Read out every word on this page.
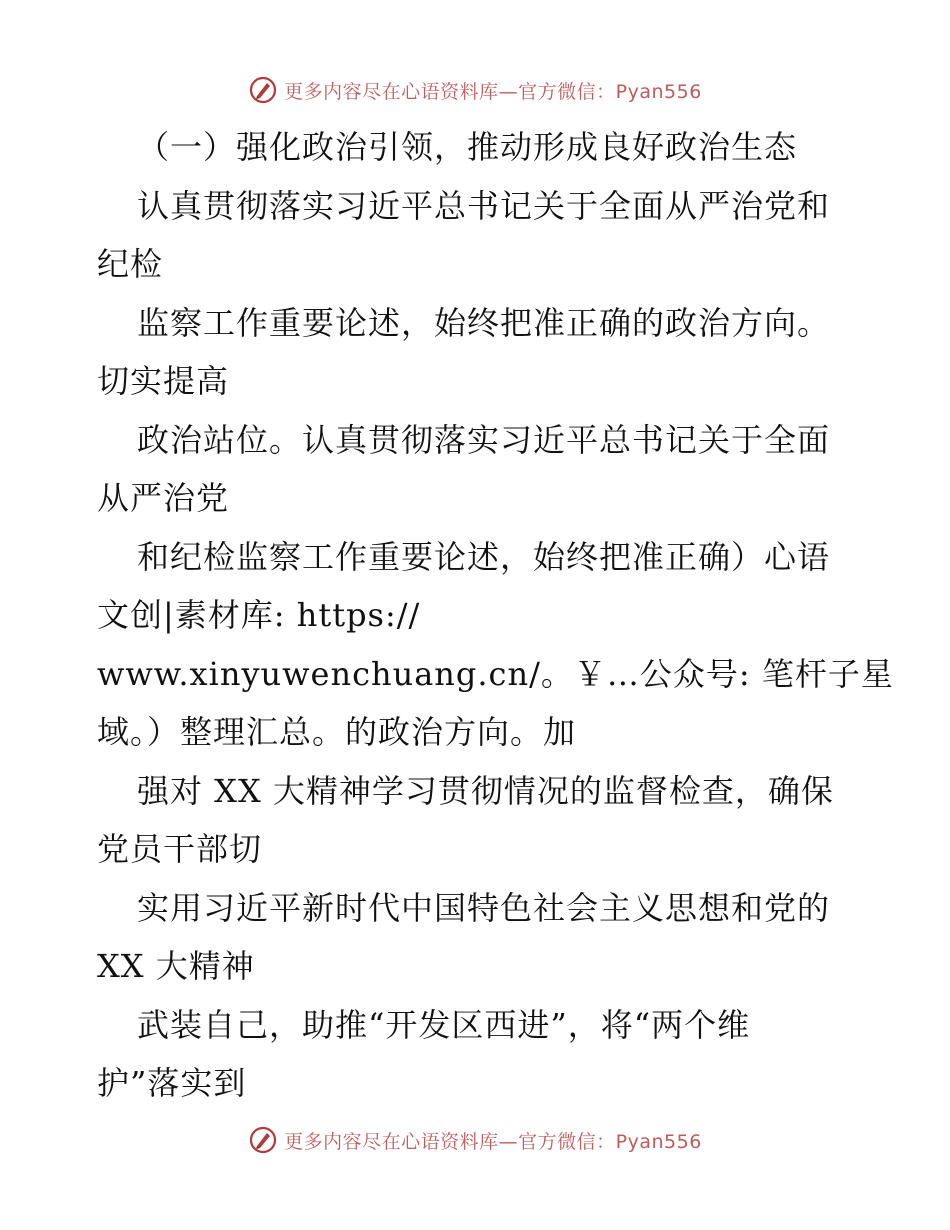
更多内容尽在心语资料库—官方微信：Pyan556
（一）强化政治引领，推动形成良好政治生态
认真贯彻落实习近平总书记关于全面从严治党和
纪检
监察工作重要论述，始终把准正确的政治方向。
切实提高
政治站位。认真贯彻落实习近平总书记关于全面
从严治党
和纪检监察工作重要论述，始终把准正确）心语
文创|素材库: https://
www.xinyuwenchuang.cn/。￥…公众号: 笔杆子星
域。）整理汇总。的政治方向。加
强对 XX 大精神学习贯彻情况的监督检查，确保
党员干部切
实用习近平新时代中国特色社会主义思想和党的
XX 大精神
武装自己，助推“开发区西进”，将“两个维
护”落实到
更多内容尽在心语资料库—官方微信：Pyan556
